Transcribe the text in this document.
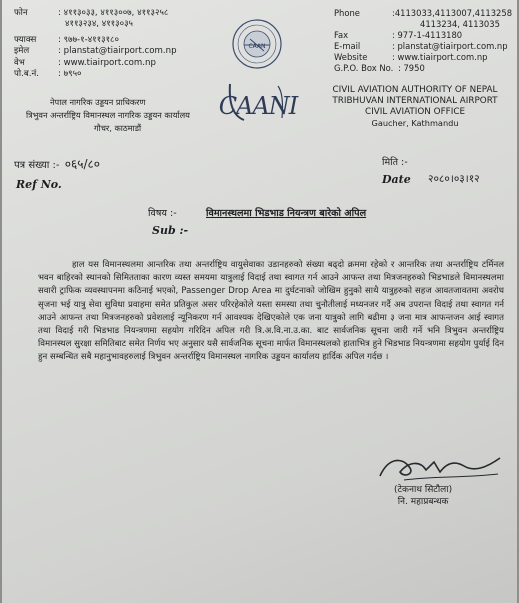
फोन	: ४११३०३३, ४११३००७, ४११३२५८
४११३२३४, ४११३०३५
फ्याक्स	: ९७७-१-४११३१८०
इमेल	: planstat@tiairport.com.np
वेभ	: www.tiairport.com.np
पो.ब.नं. : ७९५०
नेपाल नागरिक उड्डयन प्राधिकरण
त्रिभुवन अन्तर्राष्ट्रिय विमानस्थल नागरिक उड्डयन कार्यालय
गौचर, काठमाडौं
CAAN
CAANI
Phone	:4113033,4113007,4113258
4113234, 4113035
Fax	: 977-1-4113180
E-mail	: planstat@tiairport.com.np
Website	: www.tiairport.com.np
G.P.O. Box No. : 7950
CIVIL AVIATION AUTHORITY OF NEPAL
TRIBHUVAN INTERNATIONAL AIRPORT
CIVIL AVIATION OFFICE
Gaucher, Kathmandu
पत्र संख्या :- ०६५/८०
Ref No.
मिति :-
Date २०८०।०३।१२
विषय :-	विमानस्थलमा भिडभाड नियन्त्रण बारेको अपिल
Sub :-
हाल यस विमानस्थलमा आन्तरिक तथा अन्तर्राष्ट्रिय वायुसेवाका उडानहरुको संख्या बढ्दो क्रममा रहेको र आन्तरिक तथा अन्तर्राष्ट्रिय टर्मिनल भवन बाहिरको स्थानको सिमितताका कारण व्यस्त समयमा यात्रुलाई विदाई तथा स्वागत गर्न आउने आफन्त तथा मित्रजनहरुको भिडभाडले विमानस्थलमा सवारी ट्राफिक व्यवस्थापनमा कठिनाई भएको, Passenger Drop Area मा दुर्घटनाको जोखिम हुनुको साथै यात्रुहरुको सहज आवतजावतमा अवरोध सृजना भई यात्रु सेवा सुविधा प्रवाहमा समेत प्रतिकुल असर परिरहेकोले यस्ता समस्या तथा चुनौतीलाई मध्यनजर गर्दै अब उपरान्त विदाई तथा स्वागत गर्न आउने आफन्त तथा मित्रजनहरुको प्रवेशलाई न्यूनिकरण गर्न आवश्यक देखिएकोले एक जना यात्रुको लागि बढीमा ३ जना मात्र आफन्तजन आई स्वागत तथा विदाई गरी भिडभाड नियन्त्रणमा सहयोग गरिदिन अपिल गरी त्रि.अ.वि.ना.उ.का. बाट सार्वजनिक सूचना जारी गर्ने भनि त्रिभुवन अन्तर्राष्ट्रिय विमानस्थल सुरक्षा समितिबाट समेत निर्णय भए अनुसार यसै सार्वजनिक सूचना मार्फत विमानस्थलको हाताभित्र हुने भिडभाड नियन्त्रणमा सहयोग पुर्याई दिन हुन सम्बन्धित सबै महानुभावहरुलाई त्रिभुवन अन्तर्राष्ट्रिय विमानस्थल नागरिक उड्डयन कार्यालय हार्दिक अपिल गर्दछ ।
(टेकनाथ सिटौला)
नि. महाप्रबन्धक
